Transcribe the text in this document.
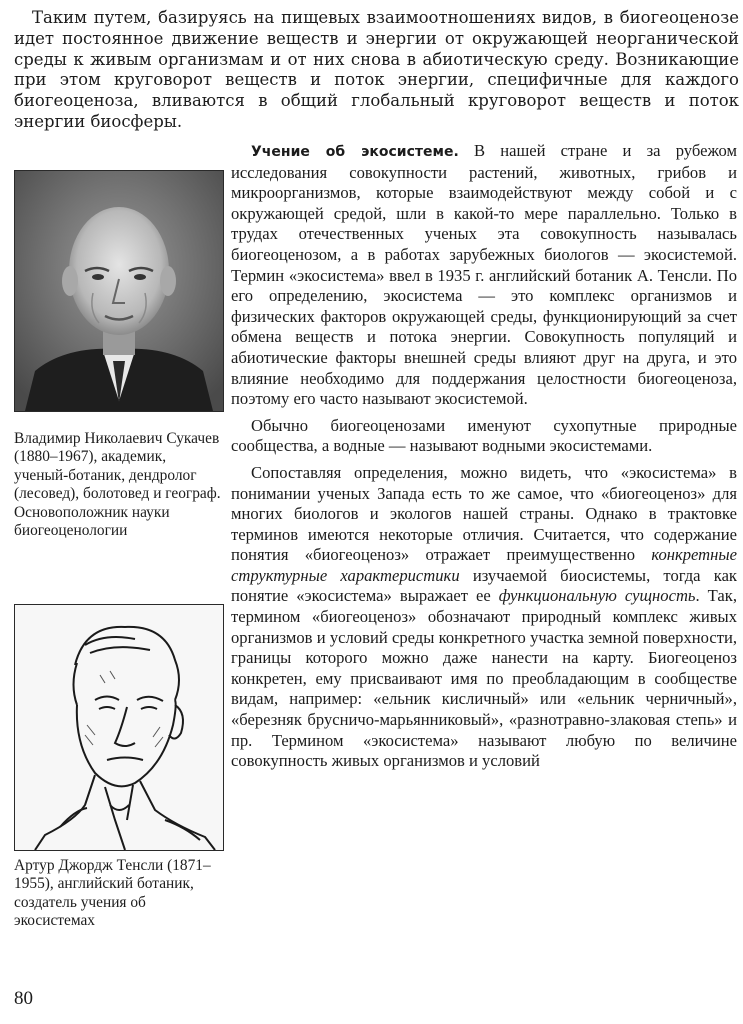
Таким путем, базируясь на пищевых взаимоотношениях видов, в биогеоценозе идет постоянное движение веществ и энергии от окружающей неорганической среды к живым организмам и от них снова в абиотическую среду. Возникающие при этом круговорот веществ и поток энергии, специфичные для каждого биогеоценоза, вливаются в общий глобальный круговорот веществ и поток энергии биосферы.

Владимир Николаевич Сукачев (1880–1967), академик, ученый-ботаник, дендролог (лесовед), болотовед и географ. Основоположник науки биогеоценологии
Артур Джордж Тенсли (1871–1955), английский ботаник, создатель учения об экосистемах

Учение об экосистеме. В нашей стране и за рубежом исследования совокупности растений, животных, грибов и микроорганизмов, которые взаимодействуют между собой и с окружающей средой, шли в какой-то мере параллельно. Только в трудах отечественных ученых эта совокупность называлась биогеоценозом, а в работах зарубежных биологов — экосистемой. Термин «экосистема» ввел в 1935 г. английский ботаник А. Тенсли. По его определению, экосистема — это комплекс организмов и физических факторов окружающей среды, функционирующий за счет обмена веществ и потока энергии. Совокупность популяций и абиотические факторы внешней среды влияют друг на друга, и это влияние необходимо для поддержания целостности биогеоценоза, поэтому его часто называют экосистемой.

Обычно биогеоценозами именуют сухопутные природные сообщества, а водные — называют водными экосистемами.

Сопоставляя определения, можно видеть, что «экосистема» в понимании ученых Запада есть то же самое, что «биогеоценоз» для многих биологов и экологов нашей страны. Однако в трактовке терминов имеются некоторые отличия. Считается, что содержание понятия «биогеоценоз» отражает преимущественно конкретные структурные характеристики изучаемой биосистемы, тогда как понятие «экосистема» выражает ее функциональную сущность. Так, термином «биогеоценоз» обозначают природный комплекс живых организмов и условий среды конкретного участка земной поверхности, границы которого можно даже нанести на карту. Биогеоценоз конкретен, ему присваивают имя по преобладающим в сообществе видам, например: «ельник кисличный» или «ельник черничный», «березняк брусничо-марьянниковый», «разнотравно-злаковая степь» и пр. Термином «экосистема» называют любую по величине совокупность живых организмов и условий

80
